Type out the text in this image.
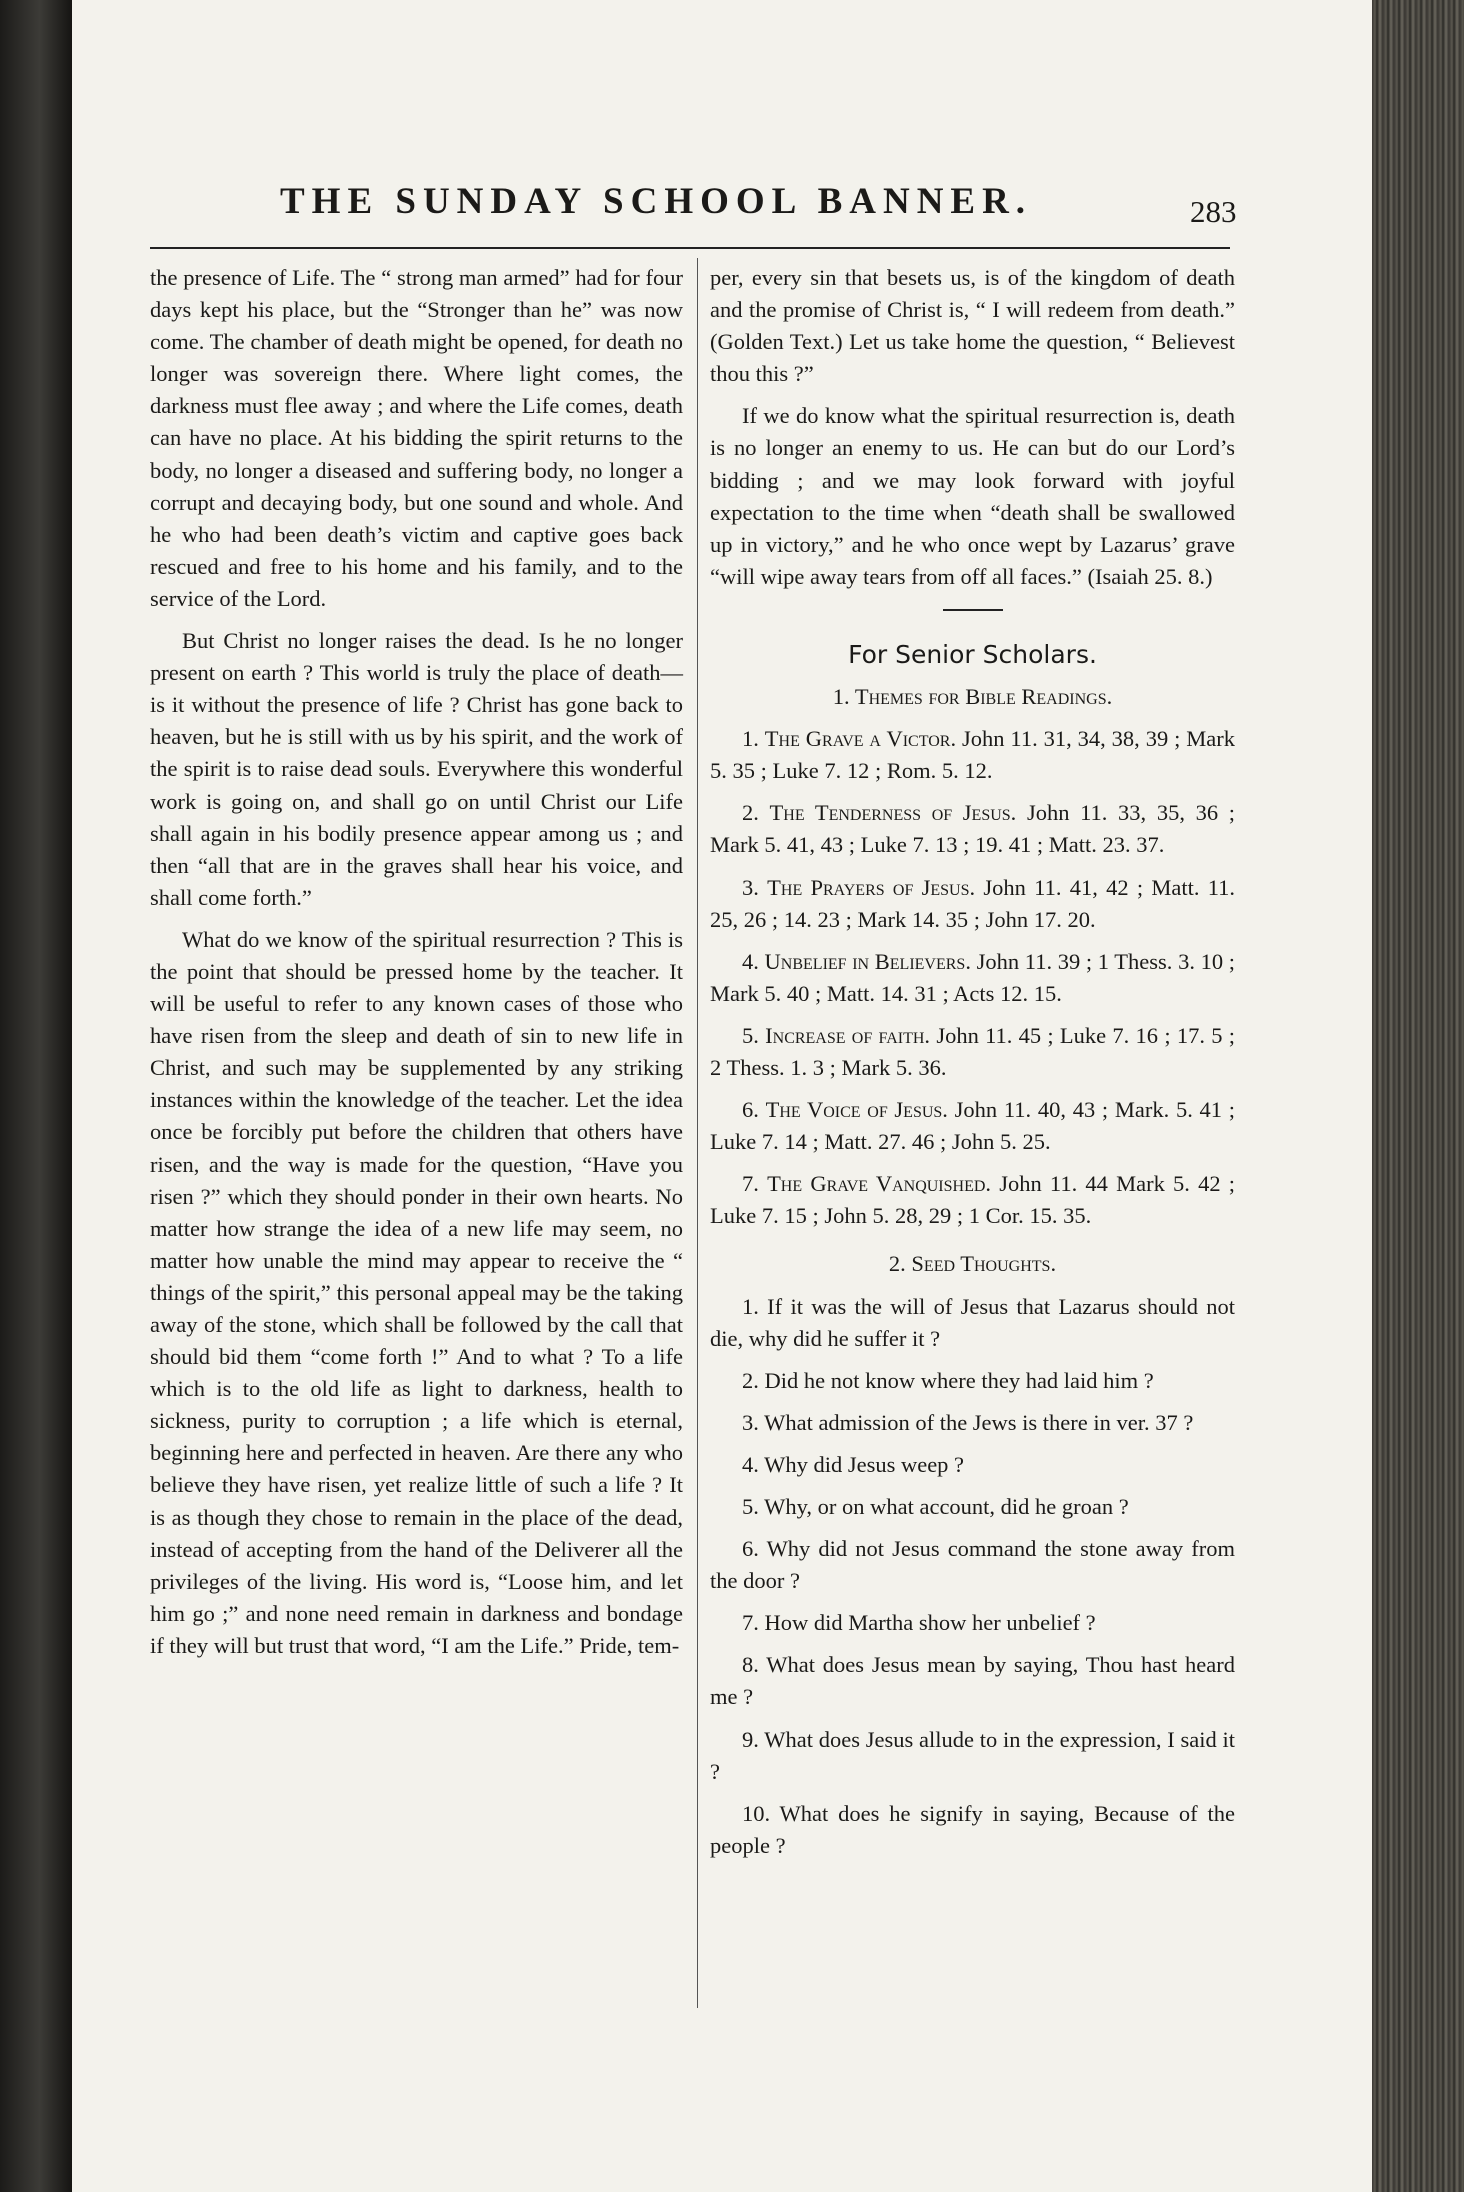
THE SUNDAY SCHOOL BANNER.	283

the presence of Life. The “ strong man armed” had for four days kept his place, but the “Stronger than he” was now come. The chamber of death might be opened, for death no longer was sovereign there. Where light comes, the darkness must flee away ; and where the Life comes, death can have no place. At his bidding the spirit returns to the body, no longer a diseased and suffering body, no longer a corrupt and decaying body, but one sound and whole. And he who had been death’s victim and captive goes back rescued and free to his home and his family, and to the service of the Lord.

But Christ no longer raises the dead. Is he no longer present on earth ? This world is truly the place of death—is it without the presence of life ? Christ has gone back to heaven, but he is still with us by his spirit, and the work of the spirit is to raise dead souls. Everywhere this wonderful work is going on, and shall go on until Christ our Life shall again in his bodily presence appear among us ; and then “all that are in the graves shall hear his voice, and shall come forth.”

What do we know of the spiritual resurrection ? This is the point that should be pressed home by the teacher. It will be useful to refer to any known cases of those who have risen from the sleep and death of sin to new life in Christ, and such may be supplemented by any striking instances within the knowledge of the teacher. Let the idea once be forcibly put before the children that others have risen, and the way is made for the question, “Have you risen ?” which they should ponder in their own hearts. No matter how strange the idea of a new life may seem, no matter how unable the mind may appear to receive the “ things of the spirit,” this personal appeal may be the taking away of the stone, which shall be followed by the call that should bid them “come forth !” And to what ? To a life which is to the old life as light to darkness, health to sickness, purity to corruption ; a life which is eternal, beginning here and perfected in heaven. Are there any who believe they have risen, yet realize little of such a life ? It is as though they chose to remain in the place of the dead, instead of accepting from the hand of the Deliverer all the privileges of the living. His word is, “Loose him, and let him go ;” and none need remain in darkness and bondage if they will but trust that word, “I am the Life.” Pride, tem-

per, every sin that besets us, is of the kingdom of death and the promise of Christ is, “ I will redeem from death.” (Golden Text.) Let us take home the question, “ Believest thou this ?”

If we do know what the spiritual resurrection is, death is no longer an enemy to us. He can but do our Lord’s bidding ; and we may look forward with joyful expectation to the time when “death shall be swallowed up in victory,” and he who once wept by Lazarus’ grave “will wipe away tears from off all faces.” (Isaiah 25. 8.)

For Senior Scholars.

1. Themes for Bible Readings.

1. The Grave a Victor. John 11. 31, 34, 38, 39 ; Mark 5. 35 ; Luke 7. 12 ; Rom. 5. 12.

2. The Tenderness of Jesus. John 11. 33, 35, 36 ; Mark 5. 41, 43 ; Luke 7. 13 ; 19. 41 ; Matt. 23. 37.

3. The Prayers of Jesus. John 11. 41, 42 ; Matt. 11. 25, 26 ; 14. 23 ; Mark 14. 35 ; John 17. 20.

4. Unbelief in Believers. John 11. 39 ; 1 Thess. 3. 10 ; Mark 5. 40 ; Matt. 14. 31 ; Acts 12. 15.

5. Increase of faith. John 11. 45 ; Luke 7. 16 ; 17. 5 ; 2 Thess. 1. 3 ; Mark 5. 36.

6. The Voice of Jesus. John 11. 40, 43 ; Mark. 5. 41 ; Luke 7. 14 ; Matt. 27. 46 ; John 5. 25.

7. The Grave Vanquished. John 11. 44 Mark 5. 42 ; Luke 7. 15 ; John 5. 28, 29 ; 1 Cor. 15. 35.

2. Seed Thoughts.

1. If it was the will of Jesus that Lazarus should not die, why did he suffer it ?

2. Did he not know where they had laid him ?

3. What admission of the Jews is there in ver. 37 ?

4. Why did Jesus weep ?

5. Why, or on what account, did he groan ?

6. Why did not Jesus command the stone away from the door ?

7. How did Martha show her unbelief ?

8. What does Jesus mean by saying, Thou hast heard me ?

9. What does Jesus allude to in the expression, I said it ?

10. What does he signify in saying, Because of the people ?
